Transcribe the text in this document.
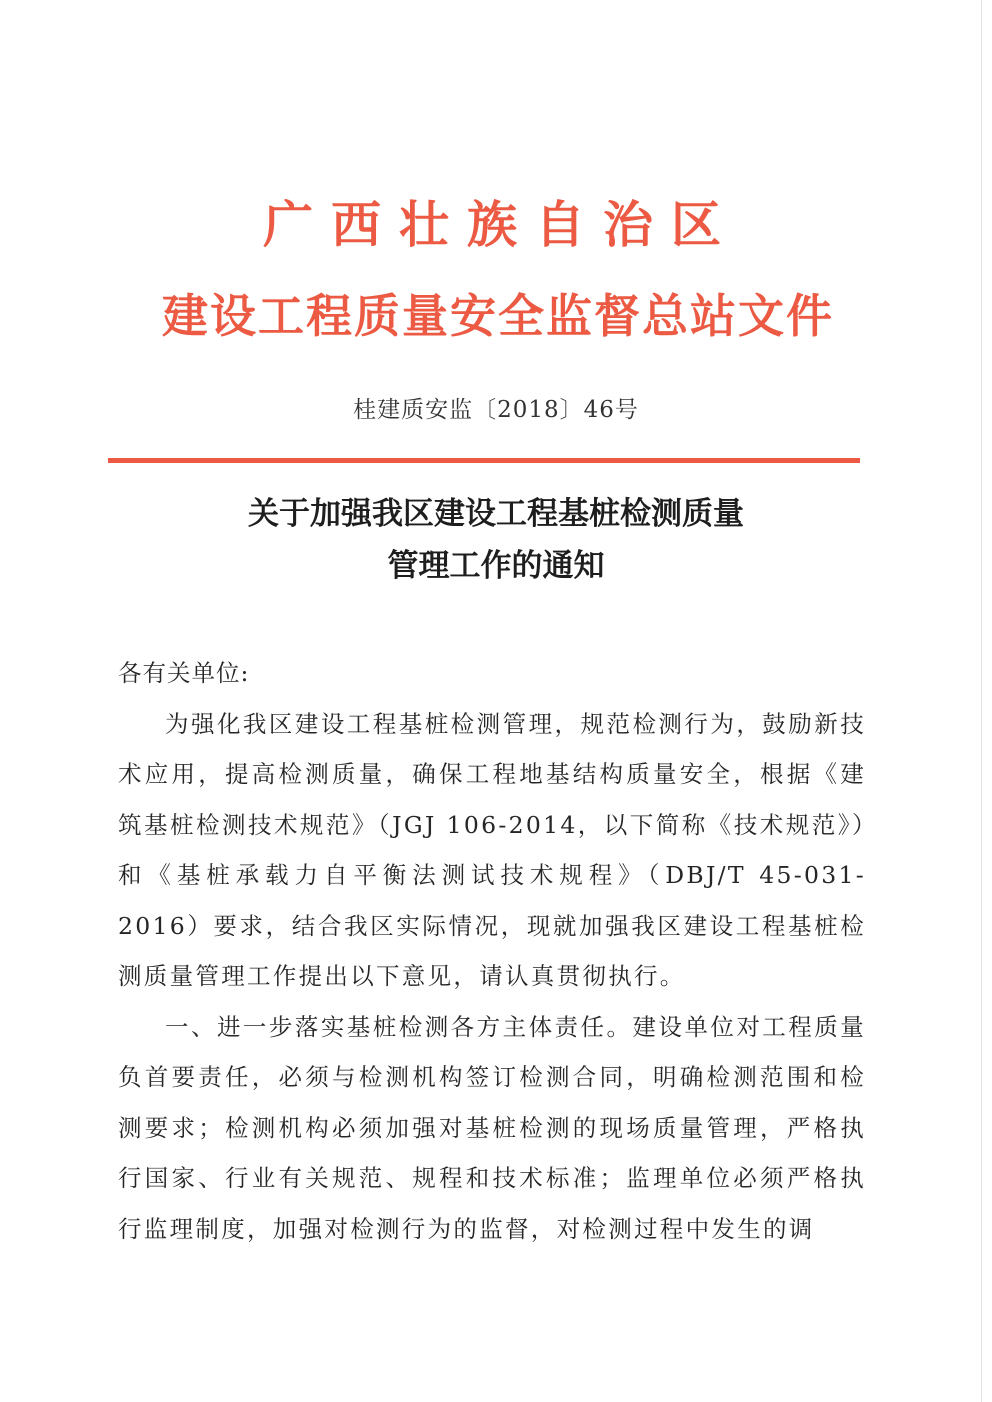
广西壮族自治区
建设工程质量安全监督总站文件
桂建质安监〔2018〕46号
关于加强我区建设工程基桩检测质量
管理工作的通知

各有关单位:

为强化我区建设工程基桩检测管理，规范检测行为，鼓励新技术应用，提高检测质量，确保工程地基结构质量安全，根据《建筑基桩检测技术规范》（JGJ 106-2014，以下简称《技术规范》）和《基桩承载力自平衡法测试技术规程》（DBJ/T 45-031-2016）要求，结合我区实际情况，现就加强我区建设工程基桩检测质量管理工作提出以下意见，请认真贯彻执行。

一、进一步落实基桩检测各方主体责任。建设单位对工程质量负首要责任，必须与检测机构签订检测合同，明确检测范围和检测要求；检测机构必须加强对基桩检测的现场质量管理，严格执行国家、行业有关规范、规程和技术标准；监理单位必须严格执行监理制度，加强对检测行为的监督，对检测过程中发生的调
